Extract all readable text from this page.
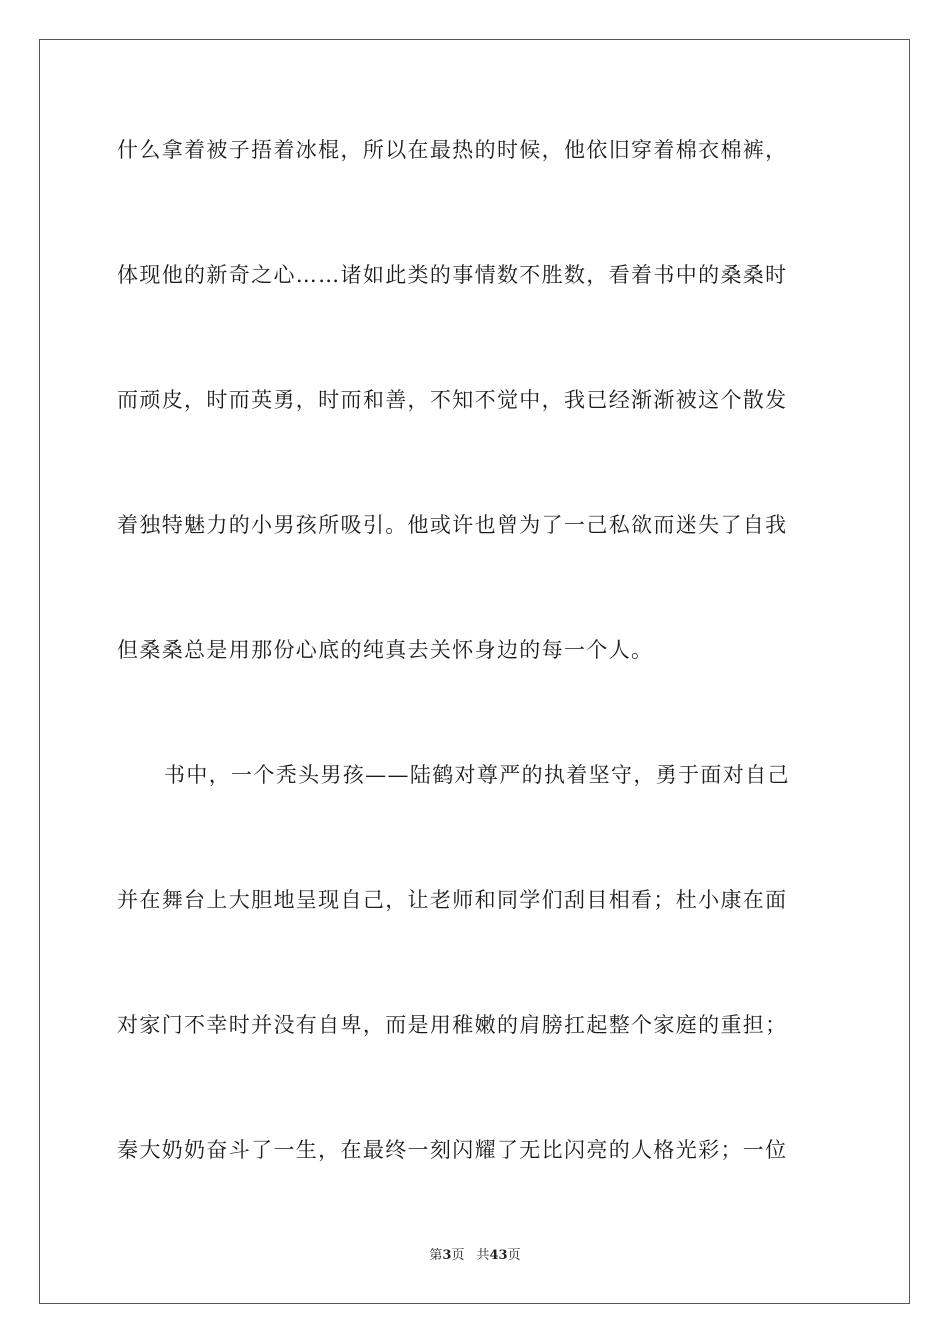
什么拿着被子捂着冰棍，所以在最热的时候，他依旧穿着棉衣棉裤，
体现他的新奇之心……诸如此类的事情数不胜数，看着书中的桑桑时
而顽皮，时而英勇，时而和善，不知不觉中，我已经渐渐被这个散发
着独特魅力的小男孩所吸引。他或许也曾为了一己私欲而迷失了自我
但桑桑总是用那份心底的纯真去关怀身边的每一个人。
书中，一个秃头男孩——陆鹤对尊严的执着坚守，勇于面对自己
并在舞台上大胆地呈现自己，让老师和同学们刮目相看；杜小康在面
对家门不幸时并没有自卑，而是用稚嫩的肩膀扛起整个家庭的重担；
秦大奶奶奋斗了一生，在最终一刻闪耀了无比闪亮的人格光彩；一位
第3页 共43页
